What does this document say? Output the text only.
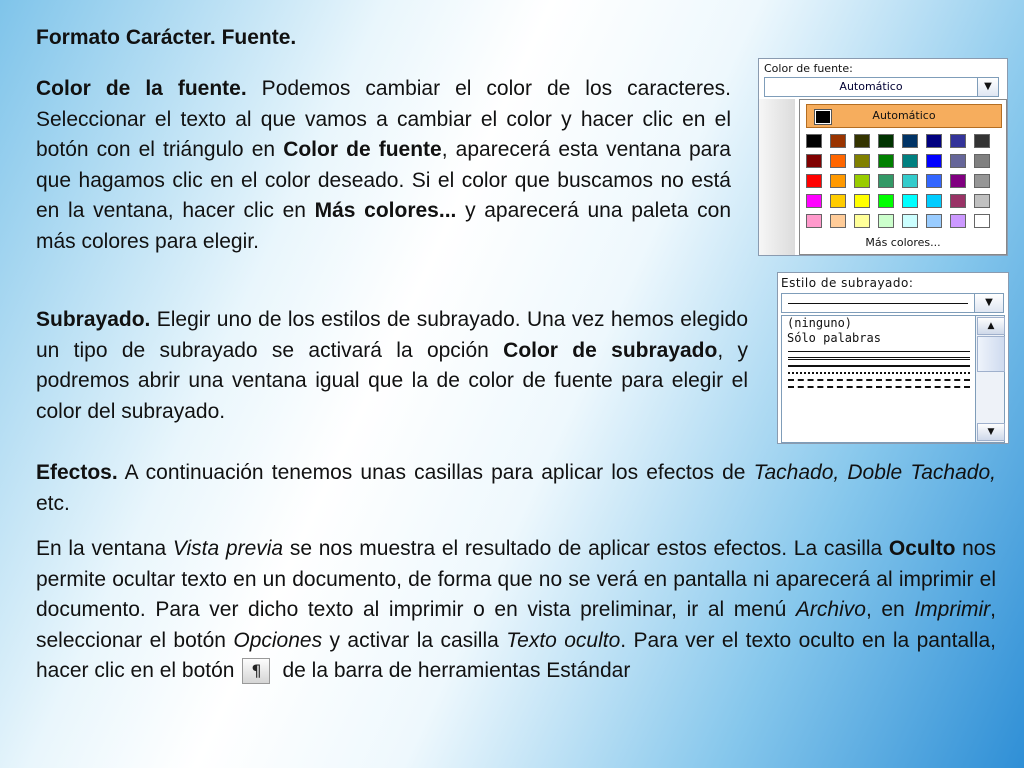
Formato Carácter. Fuente.

Color de la fuente. Podemos cambiar el color de los caracteres. Seleccionar el texto al que vamos a cambiar el color y hacer clic en el botón con el triángulo en Color de fuente, aparecerá esta ventana para que hagamos clic en el color deseado. Si el color que buscamos no está en la ventana, hacer clic en Más colores... y aparecerá una paleta con más colores para elegir.

Subrayado. Elegir uno de los estilos de subrayado. Una vez hemos elegido un tipo de subrayado se activará la opción Color de subrayado, y podremos abrir una ventana igual que la de color de fuente para elegir el color del subrayado.

Efectos. A continuación tenemos unas casillas para aplicar los efectos de Tachado, Doble Tachado, etc.

En la ventana Vista previa se nos muestra el resultado de aplicar estos efectos. La casilla Oculto nos permite ocultar texto en un documento, de forma que no se verá en pantalla ni aparecerá al imprimir el documento. Para ver dicho texto al imprimir o en vista preliminar, ir al menú Archivo, en Imprimir, seleccionar el botón Opciones y activar la casilla Texto oculto. Para ver el texto oculto en la pantalla, hacer clic en el botón ¶ de la barra de herramientas Estándar

Color de fuente:
Automático	▼
Automático
Más colores...
Estilo de subrayado:
▼
(ninguno)
Sólo palabras
▲
▼
